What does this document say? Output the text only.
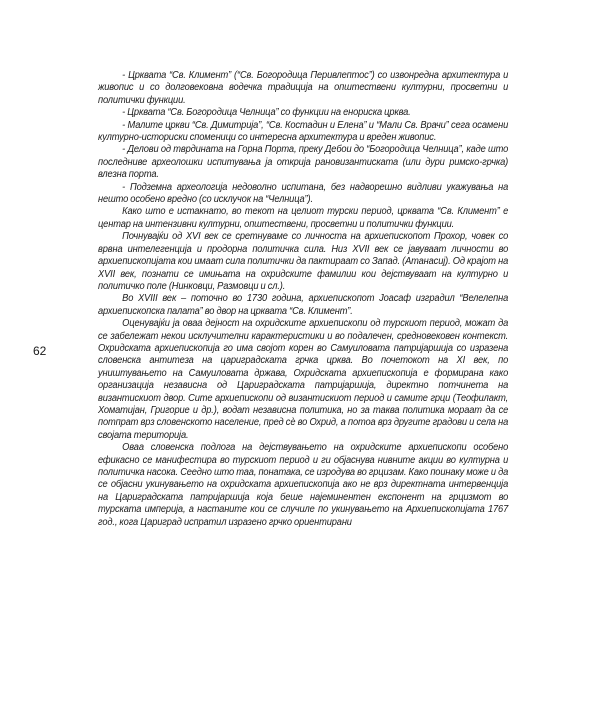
62

- Црквата “Св. Климент” (“Св. Богородица Перивлептос”) со извонредна архитектура и живопис и со долговековна водечка традиција на општествени културни, просветни и политички функции.

- Црквата “Св. Богородица Челница” со функции на енориска црква.

- Малите цркви “Св. Димитрија”, “Св. Костадин и Елена” и “Мали Св. Врачи” сега осамени културно-историски споменици со интересна архитектура и вреден живопис.

- Делови од тврдината на Горна Порта, преку Дебои до “Богородица Челница”, каде што последниве археолошки испитувања ја открија рановизантиската (или дури римско-грчка) влезна порта.

- Подземна археологија недоволно испитана, без надворешно видливи укажувања на нешто особено вредно (со исклучок на “Челница”).

Како што е истакнато, во текот на целиот турски период, црквата “Св. Климент” е центар на интензивни културни, општествени, просветни и политички функции.

Почнувајќи од XVI век се сретнуваме со личноста на архиепископот Прохор, човек со врвна интелегенција и продорна политичка сила. Низ XVII век се јавуваат личности во архиепископијата кои имаат сила политички да пактираат со Запад. (Атанасиј). Од крајот на XVII век, познати се имињата на охридските фамилии кои дејствуваат на културно и политичко поле (Нинковци, Размовци и сл.).

Во XVIII век – поточно во 1730 година, архиепископот Јоасаф изградил “Велелепна архиепископска палата” во двор на црквата “Св. Климент”.

Оценувајќи ја оваа дејност на охридските архиепископи од турскиот период, можат да се забележат некои исклучителни карактеристики и во подалечен, средновековен контекст. Охридската архиепископија го има својот корен во Самуиловата патријаршија со изразена словенска антитеза на цариградската грчка црква. Во почетокот на XI век, по уништувањето на Самуиловата држава, Охридската архиепископија е формирана како организација независна од Цариградската патријаршија, директно потчинета на византискиот двор. Сите архиепископи од византискиот период и самите грци (Теофилакт, Хоматијан, Григорие и др.), водат независна политика, но за таква политика мораат да се потпрат врз словенското население, пред сè во Охрид, а потоа врз другите градови и села на својата територија.

Оваа словенска подлога на дејствувањето на охридските архиепископи особено ефикасно се манифестира во турскиот период и ги објаснува нивните акции во културна и политичка насока. Сеедно што таа, понатака, се изродува во грцизам. Како поинаку може и да се објасни укинувањето на охридската архиепископија ако не врз директната интервенција на Цариградската патријаршија која беше најеминентен експонент на грцизмот во турската империја, а настаните кои се случиле по укинувањето на Архиепископијата 1767 год., кога Цариград испратил изразено грчко ориентирани
